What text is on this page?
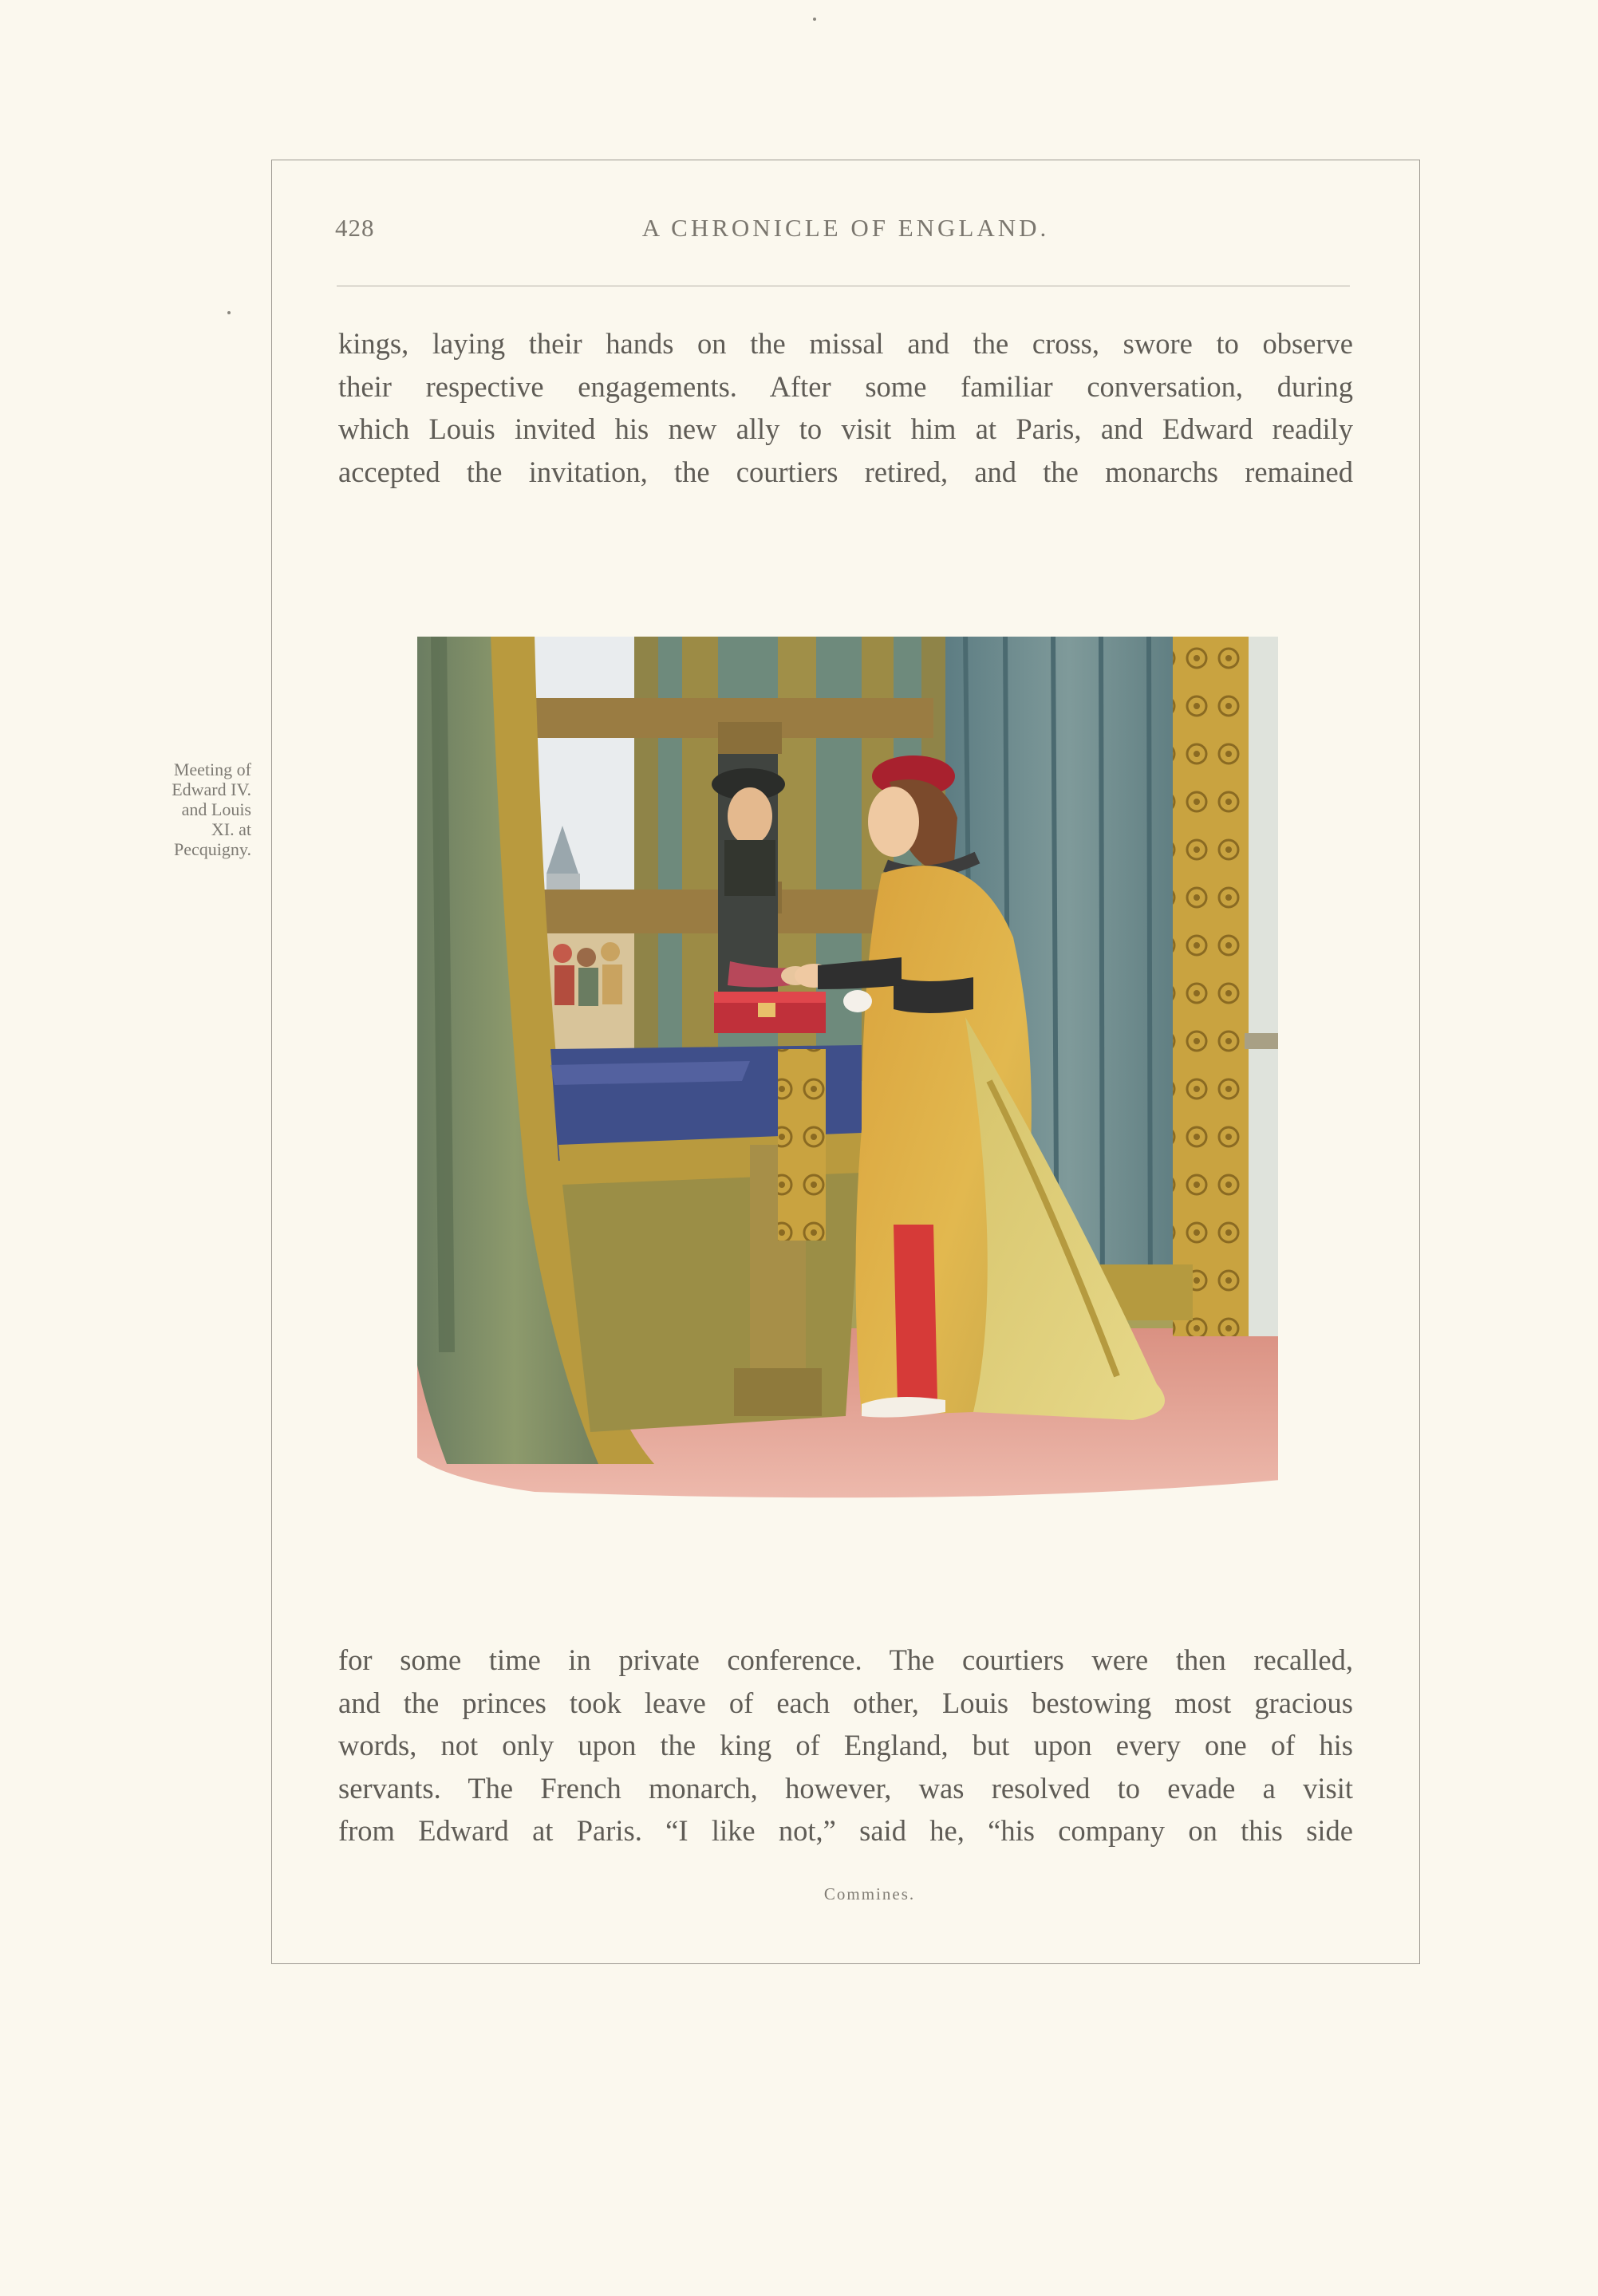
428	A CHRONICLE OF ENGLAND.
kings, laying their hands on the missal and the cross, swore to observe
their respective engagements. After some familiar conversation, during
which Louis invited his new ally to visit him at Paris, and Edward readily
accepted the invitation, the courtiers retired, and the monarchs remained
Meeting of
Edward IV.
and Louis
XI. at
Pecquigny.
for some time in private conference. The courtiers were then recalled,
and the princes took leave of each other, Louis bestowing most gracious
words, not only upon the king of England, but upon every one of his
servants. The French monarch, however, was resolved to evade a visit
from Edward at Paris. “I like not,” said he, “his company on this side
Commines.
